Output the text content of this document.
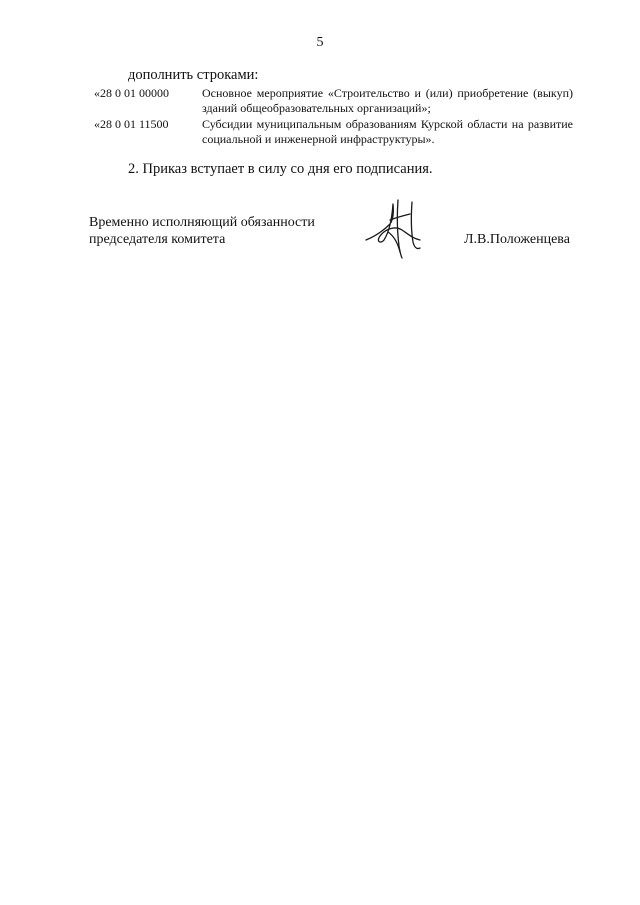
5
дополнить строками:
«28 0 01 00000	Основное мероприятие «Строительство и (или) приобретение (выкуп) зданий общеобразовательных организаций»;
«28 0 01 11500	Субсидии муниципальным образованиям Курской области на развитие социальной и инженерной инфраструктуры».
2. Приказ вступает в силу со дня его подписания.
Временно исполняющий обязанности
председателя комитета	Л.В.Положенцева
